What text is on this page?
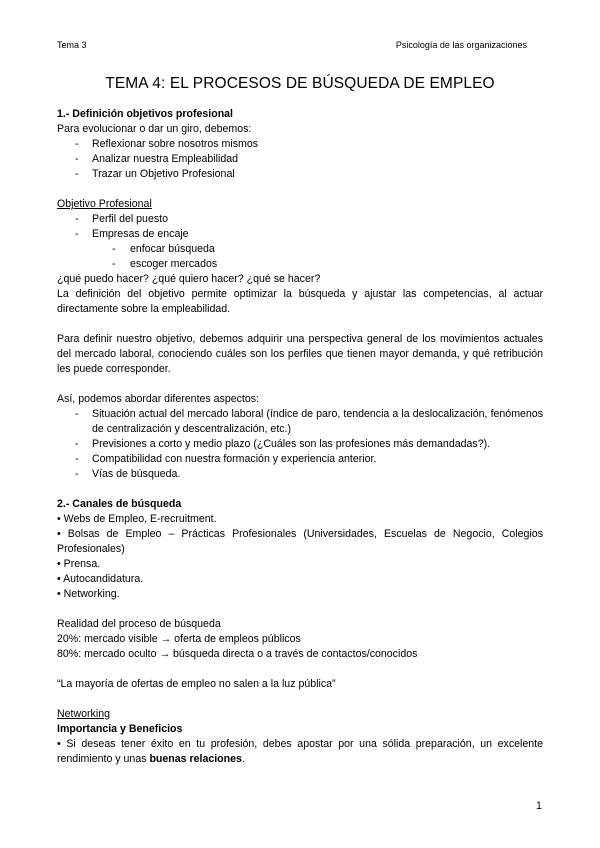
Tema 3	Psicología de las organizaciones
TEMA 4: EL PROCESOS DE BÚSQUEDA DE EMPLEO

1.- Definición objetivos profesional

Para evolucionar o dar un giro, debemos:

- Reflexionar sobre nosotros mismos
- Analizar nuestra Empleabilidad
- Trazar un Objetivo Profesional

Objetivo Profesional

- Perfil del puesto
- Empresas de encaje
- enfocar búsqueda
- escoger mercados

¿qué puedo hacer? ¿qué quiero hacer? ¿qué se hacer?

La definición del objetivo permite optimizar la búsqueda y ajustar las competencias, al actuar directamente sobre la empleabilidad.

Para definir nuestro objetivo, debemos adquirir una perspectiva general de los movimientos actuales del mercado laboral, conociendo cuáles son los perfiles que tienen mayor demanda, y qué retribución les puede corresponder.

Así, podemos abordar diferentes aspectos:

- Situación actual del mercado laboral (índice de paro, tendencia a la deslocalización, fenómenos de centralización y descentralización, etc.)
- Previsiones a corto y medio plazo (¿Cuáles son las profesiones más demandadas?).
- Compatibilidad con nuestra formación y experiencia anterior.
- Vías de búsqueda.

2.- Canales de búsqueda

• Webs de Empleo, E-recruitment.

• Bolsas de Empleo – Prácticas Profesionales (Universidades, Escuelas de Negocio, Colegios Profesionales)

• Prensa.

• Autocandidatura.

• Networking.

Realidad del proceso de búsqueda

20%: mercado visible → oferta de empleos públicos

80%: mercado oculto → búsqueda directa o a través de contactos/conocidos

“La mayoría de ofertas de empleo no salen a la luz pública”

Networking

Importancia y Beneficios

• Si deseas tener éxito en tu profesión, debes apostar por una sólida preparación, un excelente rendimiento y unas buenas relaciones.

1
